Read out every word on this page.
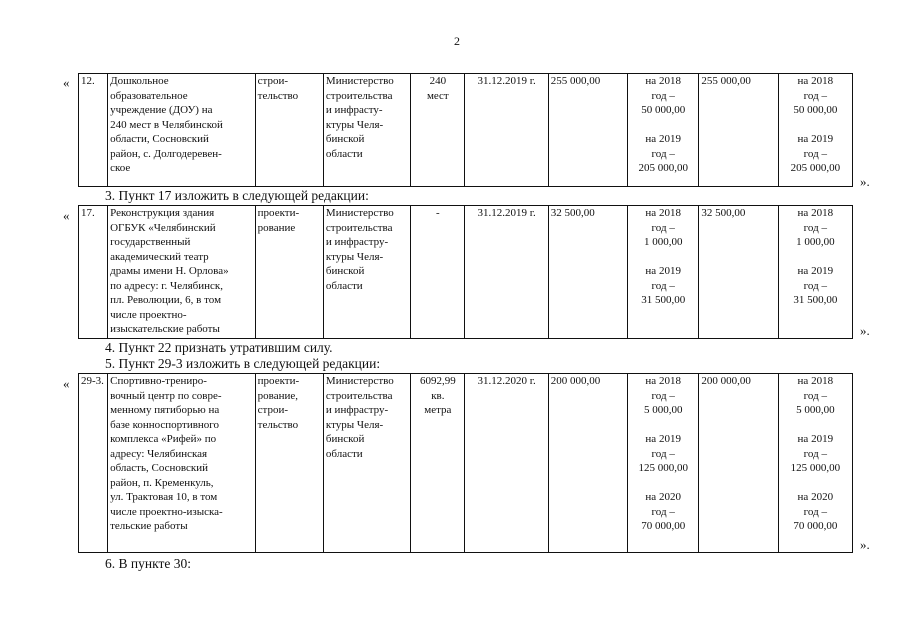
2
« 12.	Дошкольное
образовательное
учреждение (ДОУ) на
240 мест в Челябинской
области, Сосновский
район, с. Долгодеревен-
ское	строи-
тельство	Министерство
строительства
и инфрасту-
ктуры Челя-
бинской
области	240
мест	31.12.2019 г.	255 000,00	на 2018
год –
50 000,00
на 2019
год –
205 000,00
	255 000,00	на 2018
год –
50 000,00
на 2019
год –
205 000,00
».
3. Пункт 17 изложить в следующей редакции:
« 17.	Реконструкция здания
ОГБУК «Челябинский
государственный
академический театр
драмы имени Н. Орлова»
по адресу: г. Челябинск,
пл. Революции, 6, в том
числе проектно-
изыскательские работы	проекти-
рование	Министерство
строительства
и инфрастру-
ктуры Челя-
бинской
области	-	31.12.2019 г.	32 500,00	на 2018
год –
1 000,00
на 2019
год –
31 500,00
	32 500,00	на 2018
год –
1 000,00
на 2019
год –
31 500,00
».
4. Пункт 22 признать утратившим силу.
5. Пункт 29-3 изложить в следующей редакции:
« 29-3.	Спортивно-трениро-
вочный центр по совре-
менному пятиборью на
базе конноспортивного
комплекса «Рифей» по
адресу: Челябинская
область, Сосновский
район, п. Кременкуль,
ул. Трактовая 10, в том
числе проектно-изыска-
тельские работы	проекти-
рование,
строи-
тельство	Министерство
строительства
и инфрастру-
ктуры Челя-
бинской
области	6092,99
кв.
метра	31.12.2020 г.	200 000,00	на 2018
год –
5 000,00
на 2019
год –
125 000,00
на 2020
год –
70 000,00
	200 000,00	на 2018
год –
5 000,00
на 2019
год –
125 000,00
на 2020
год –
70 000,00
».
6. В пункте 30:
